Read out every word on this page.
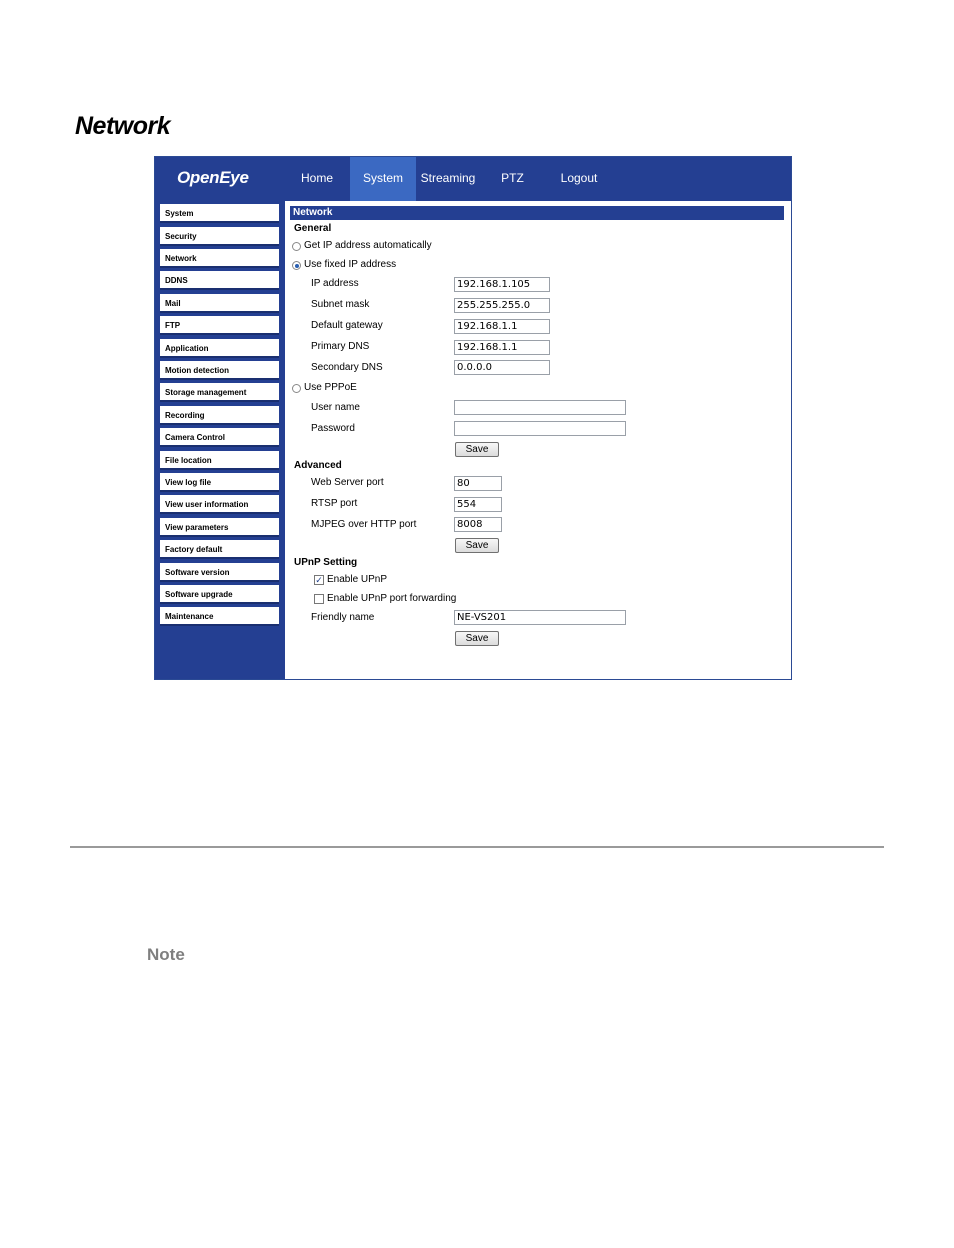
Network
OpenEye	Home	System	Streaming	PTZ	Logout
System
Security
Network
DDNS
Mail
FTP
Application
Motion detection
Storage management
Recording
Camera Control
File location
View log file
View user information
View parameters
Factory default
Software version
Software upgrade
Maintenance
Network
General
Get IP address automatically
Use fixed IP address
IP address	192.168.1.105
Subnet mask	255.255.255.0
Default gateway	192.168.1.1
Primary DNS	192.168.1.1
Secondary DNS	0.0.0.0
Use PPPoE
User name
Password
Save
Advanced
Web Server port	80
RTSP port	554
MJPEG over HTTP port	8008
Save
UPnP Setting
✓ Enable UPnP
Enable UPnP port forwarding
Friendly name	NE-VS201
Save
Note
